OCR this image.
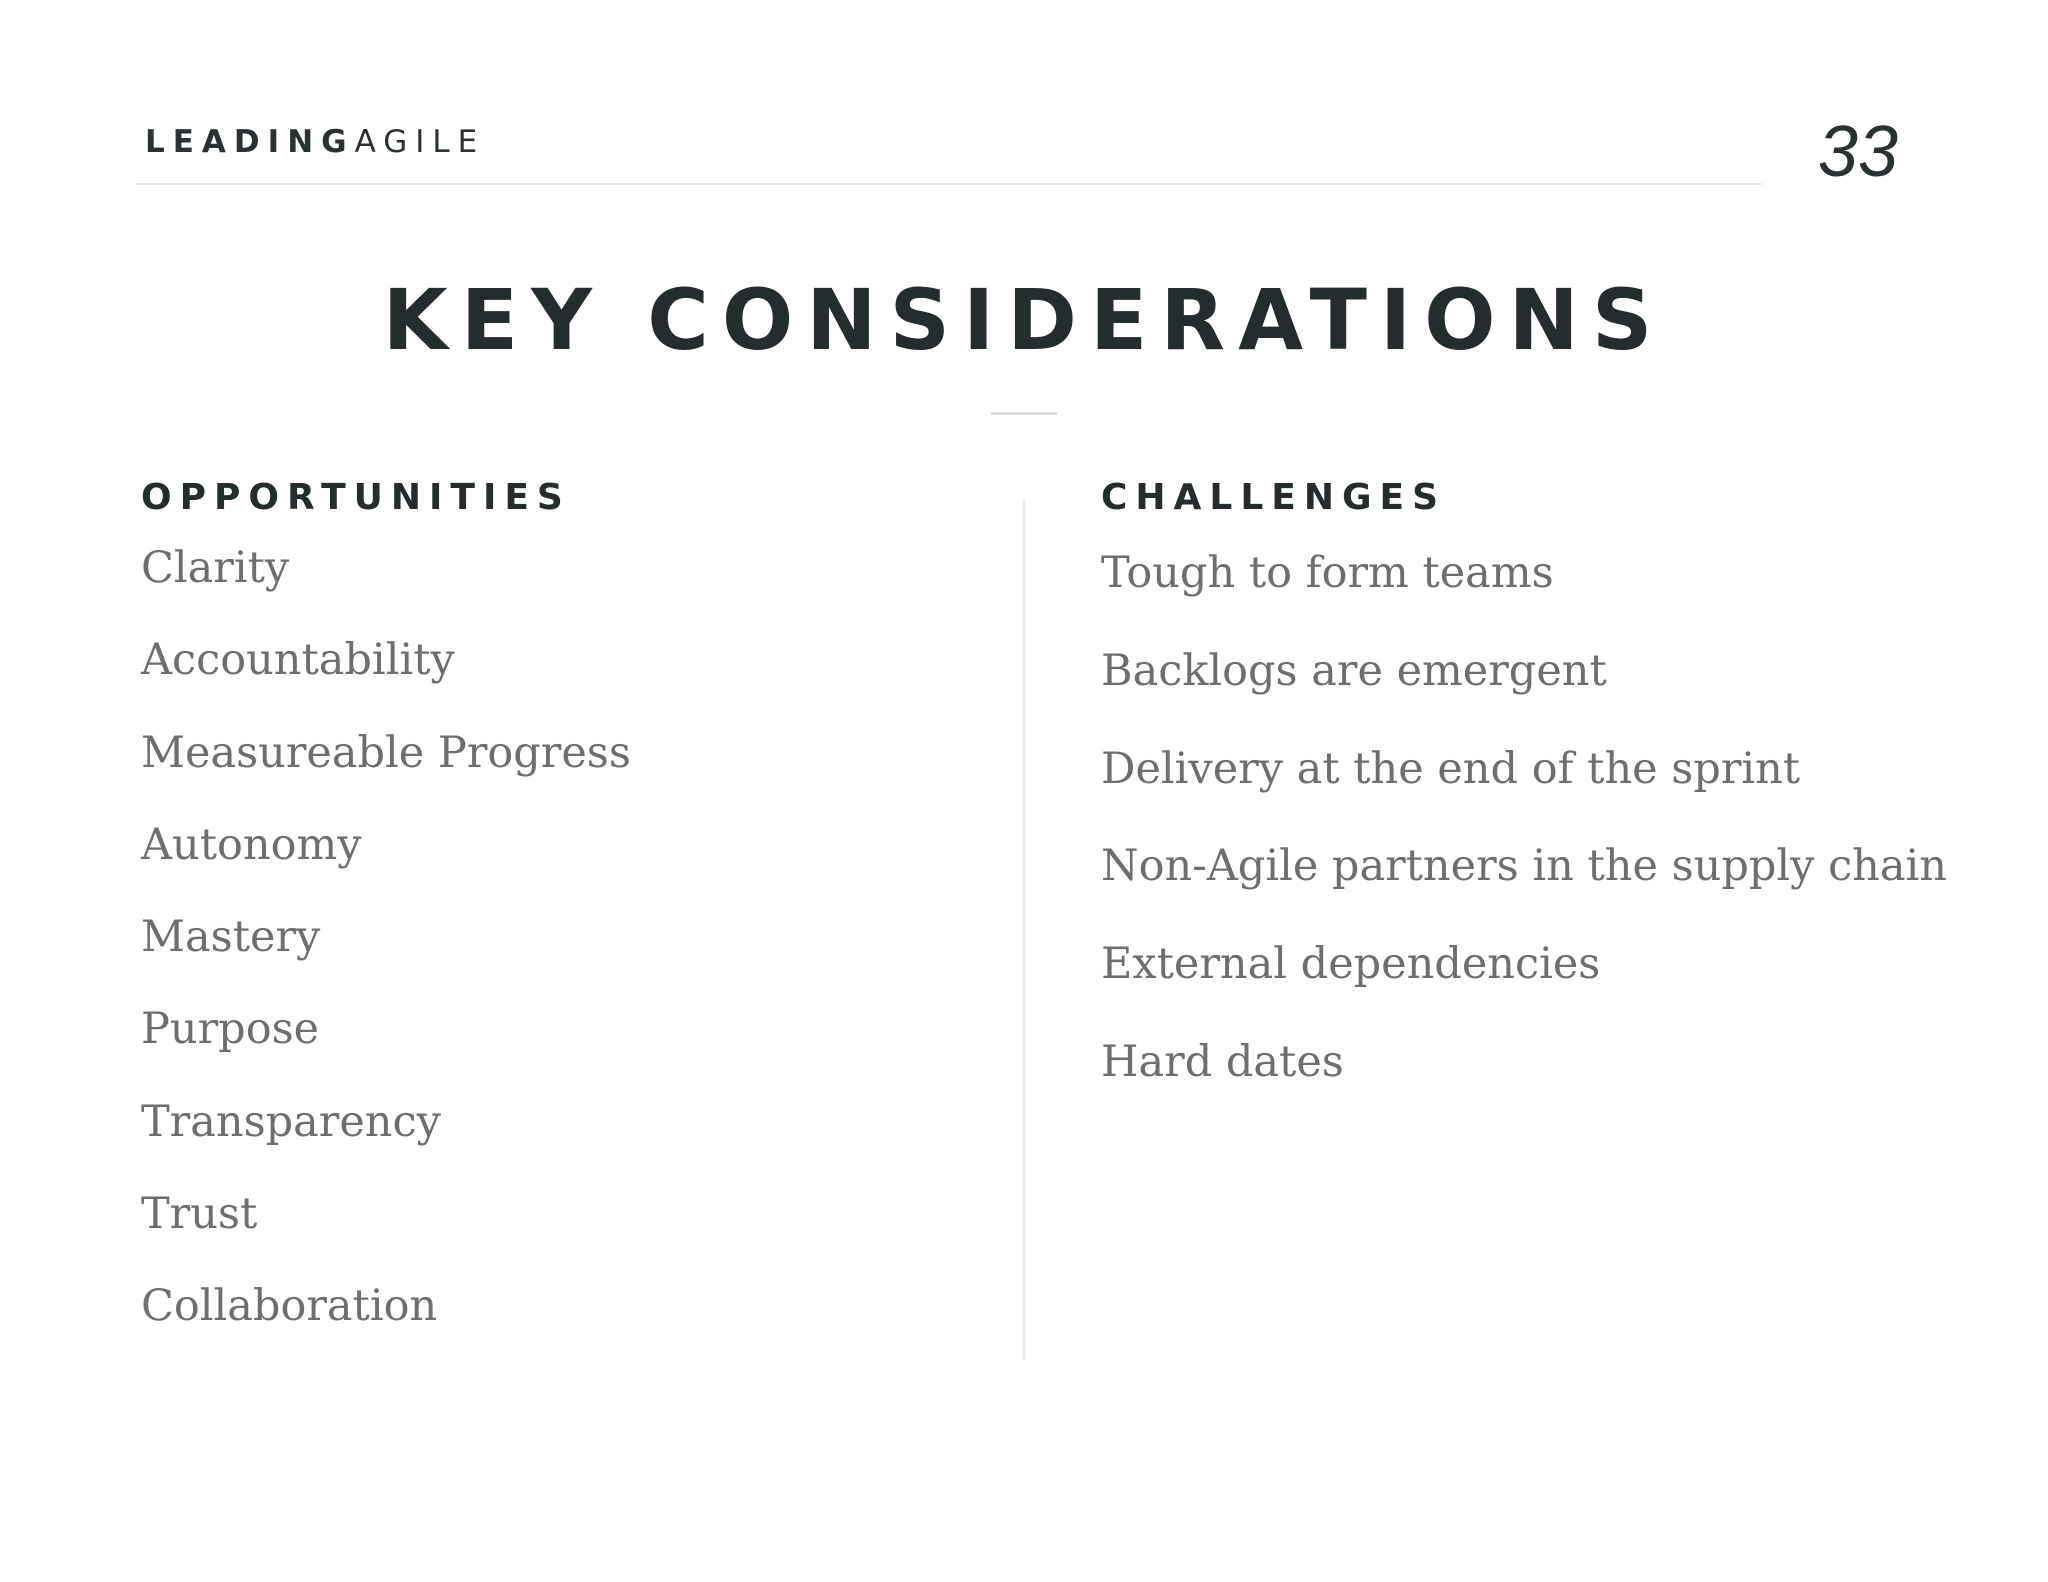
LEADING AGILE	33
KEY CONSIDERATIONS
OPPORTUNITIES
Clarity
Accountability
Measureable Progress
Autonomy
Mastery
Purpose
Transparency
Trust
Collaboration
CHALLENGES
Tough to form teams
Backlogs are emergent
Delivery at the end of the sprint
Non-Agile partners in the supply chain
External dependencies
Hard dates
